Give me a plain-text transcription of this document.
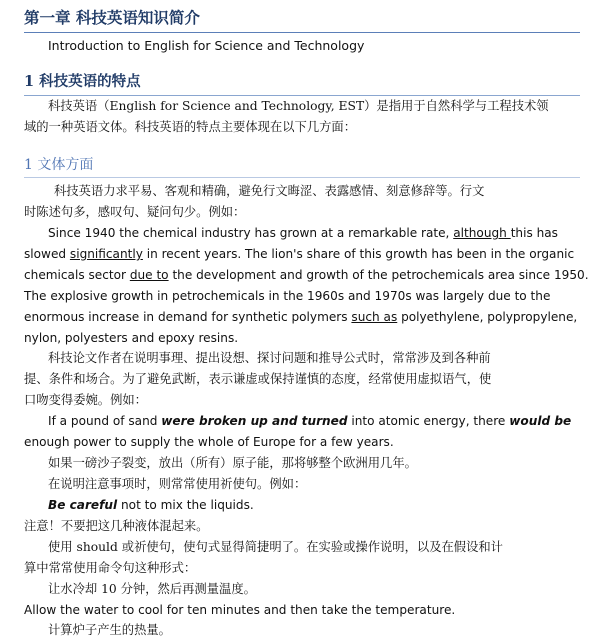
第一章 科技英语知识简介
Introduction to English for Science and Technology
1 科技英语的特点
科技英语（English for Science and Technology, EST）是指用于自然科学与工程技术领
域的一种英语文体。科技英语的特点主要体现在以下几方面：
1 文体方面
科技英语力求平易、客观和精确，避免行文晦涩、表露感情、刻意修辞等。行文
时陈述句多，感叹句、疑问句少。例如：
Since 1940 the chemical industry has grown at a remarkable rate, although this has
slowed significantly in recent years. The lion's share of this growth has been in the organic
chemicals sector due to the development and growth of the petrochemicals area since 1950.
The explosive growth in petrochemicals in the 1960s and 1970s was largely due to the
enormous increase in demand for synthetic polymers such as polyethylene, polypropylene,
nylon, polyesters and epoxy resins.
科技论文作者在说明事理、提出设想、探讨问题和推导公式时，常常涉及到各种前
提、条件和场合。为了避免武断，表示谦虚或保持谨慎的态度，经常使用虚拟语气，使
口吻变得委婉。例如：
If a pound of sand were broken up and turned into atomic energy, there would be
enough power to supply the whole of Europe for a few years.
如果一磅沙子裂变，放出（所有）原子能，那将够整个欧洲用几年。
在说明注意事项时，则常常使用祈使句。例如：
Be careful not to mix the liquids.
注意！不要把这几种液体混起来。
使用 should 或祈使句，使句式显得简捷明了。在实验或操作说明，以及在假设和计
算中常常使用命令句这种形式：
让水冷却 10 分钟，然后再测量温度。
Allow the water to cool for ten minutes and then take the temperature.
计算炉子产生的热量。
